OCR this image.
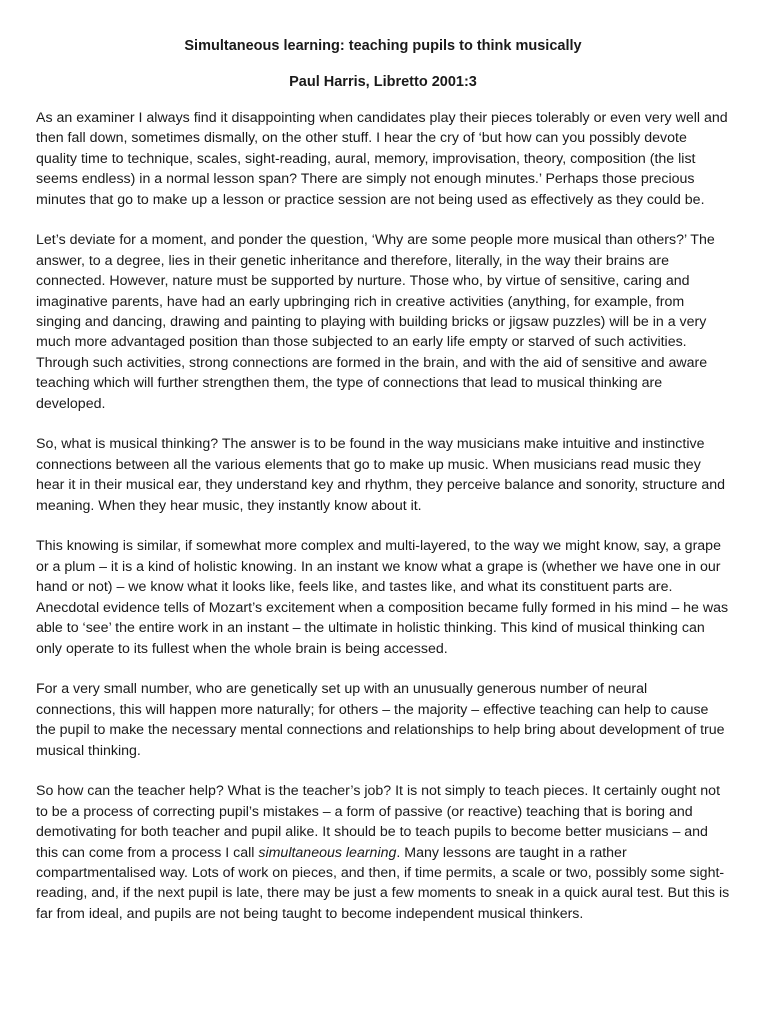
Simultaneous learning: teaching pupils to think musically
Paul Harris, Libretto 2001:3

As an examiner I always find it disappointing when candidates play their pieces tolerably or even very well and then fall down, sometimes dismally, on the other stuff. I hear the cry of ‘but how can you possibly devote quality time to technique, scales, sight-reading, aural, memory, improvisation, theory, composition (the list seems endless) in a normal lesson span? There are simply not enough minutes.’ Perhaps those precious minutes that go to make up a lesson or practice session are not being used as effectively as they could be.

Let’s deviate for a moment, and ponder the question, ‘Why are some people more musical than others?’ The answer, to a degree, lies in their genetic inheritance and therefore, literally, in the way their brains are connected. However, nature must be supported by nurture. Those who, by virtue of sensitive, caring and imaginative parents, have had an early upbringing rich in creative activities (anything, for example, from singing and dancing, drawing and painting to playing with building bricks or jigsaw puzzles) will be in a very much more advantaged position than those subjected to an early life empty or starved of such activities. Through such activities, strong connections are formed in the brain, and with the aid of sensitive and aware teaching which will further strengthen them, the type of connections that lead to musical thinking are developed.

So, what is musical thinking? The answer is to be found in the way musicians make intuitive and instinctive connections between all the various elements that go to make up music. When musicians read music they hear it in their musical ear, they understand key and rhythm, they perceive balance and sonority, structure and meaning. When they hear music, they instantly know about it.

This knowing is similar, if somewhat more complex and multi-layered, to the way we might know, say, a grape or a plum – it is a kind of holistic knowing. In an instant we know what a grape is (whether we have one in our hand or not) – we know what it looks like, feels like, and tastes like, and what its constituent parts are. Anecdotal evidence tells of Mozart’s excitement when a composition became fully formed in his mind – he was able to ‘see’ the entire work in an instant – the ultimate in holistic thinking. This kind of musical thinking can only operate to its fullest when the whole brain is being accessed.

For a very small number, who are genetically set up with an unusually generous number of neural connections, this will happen more naturally; for others – the majority – effective teaching can help to cause the pupil to make the necessary mental connections and relationships to help bring about development of true musical thinking.

So how can the teacher help? What is the teacher’s job? It is not simply to teach pieces. It certainly ought not to be a process of correcting pupil’s mistakes – a form of passive (or reactive) teaching that is boring and demotivating for both teacher and pupil alike. It should be to teach pupils to become better musicians – and this can come from a process I call simultaneous learning. Many lessons are taught in a rather compartmentalised way. Lots of work on pieces, and then, if time permits, a scale or two, possibly some sight-reading, and, if the next pupil is late, there may be just a few moments to sneak in a quick aural test. But this is far from ideal, and pupils are not being taught to become independent musical thinkers.
